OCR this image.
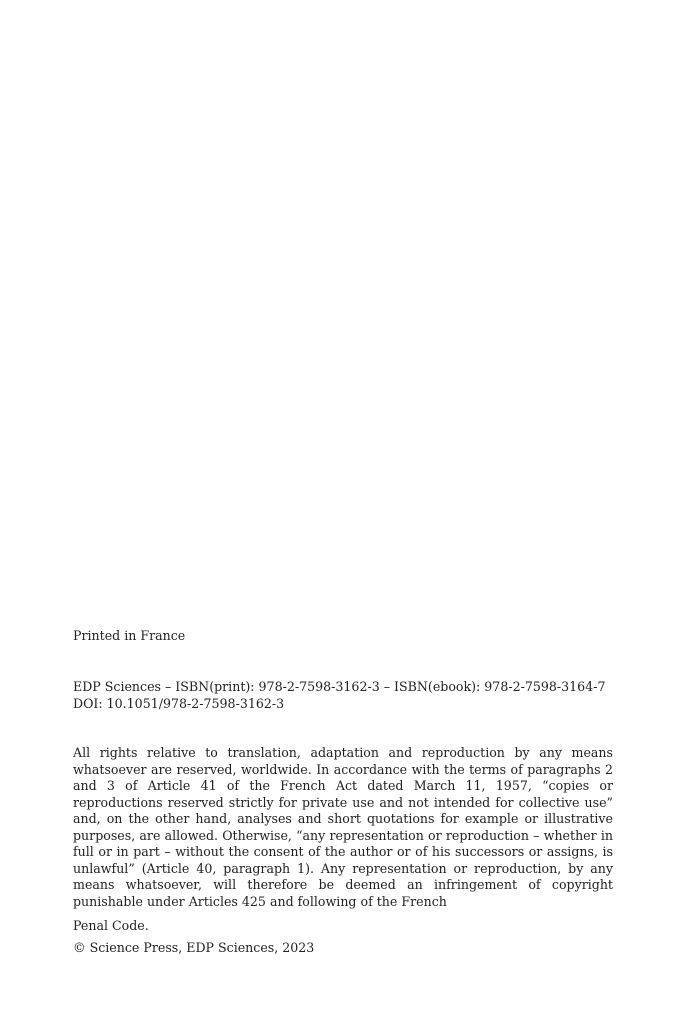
Printed in France
EDP Sciences – ISBN(print): 978-2-7598-3162-3 – ISBN(ebook): 978-2-7598-3164-7
DOI: 10.1051/978-2-7598-3162-3
All rights relative to translation, adaptation and reproduction by any means whatsoever are reserved, worldwide. In accordance with the terms of paragraphs 2 and 3 of Article 41 of the French Act dated March 11, 1957, “copies or reproductions reserved strictly for private use and not intended for collective use” and, on the other hand, analyses and short quotations for example or illustrative purposes, are allowed. Otherwise, “any representation or reproduction – whether in full or in part – without the consent of the author or of his successors or assigns, is unlawful” (Article 40, paragraph 1). Any representation or reproduction, by any means whatsoever, will therefore be deemed an infringement of copyright punishable under Articles 425 and following of the French
Penal Code.
© Science Press, EDP Sciences, 2023
